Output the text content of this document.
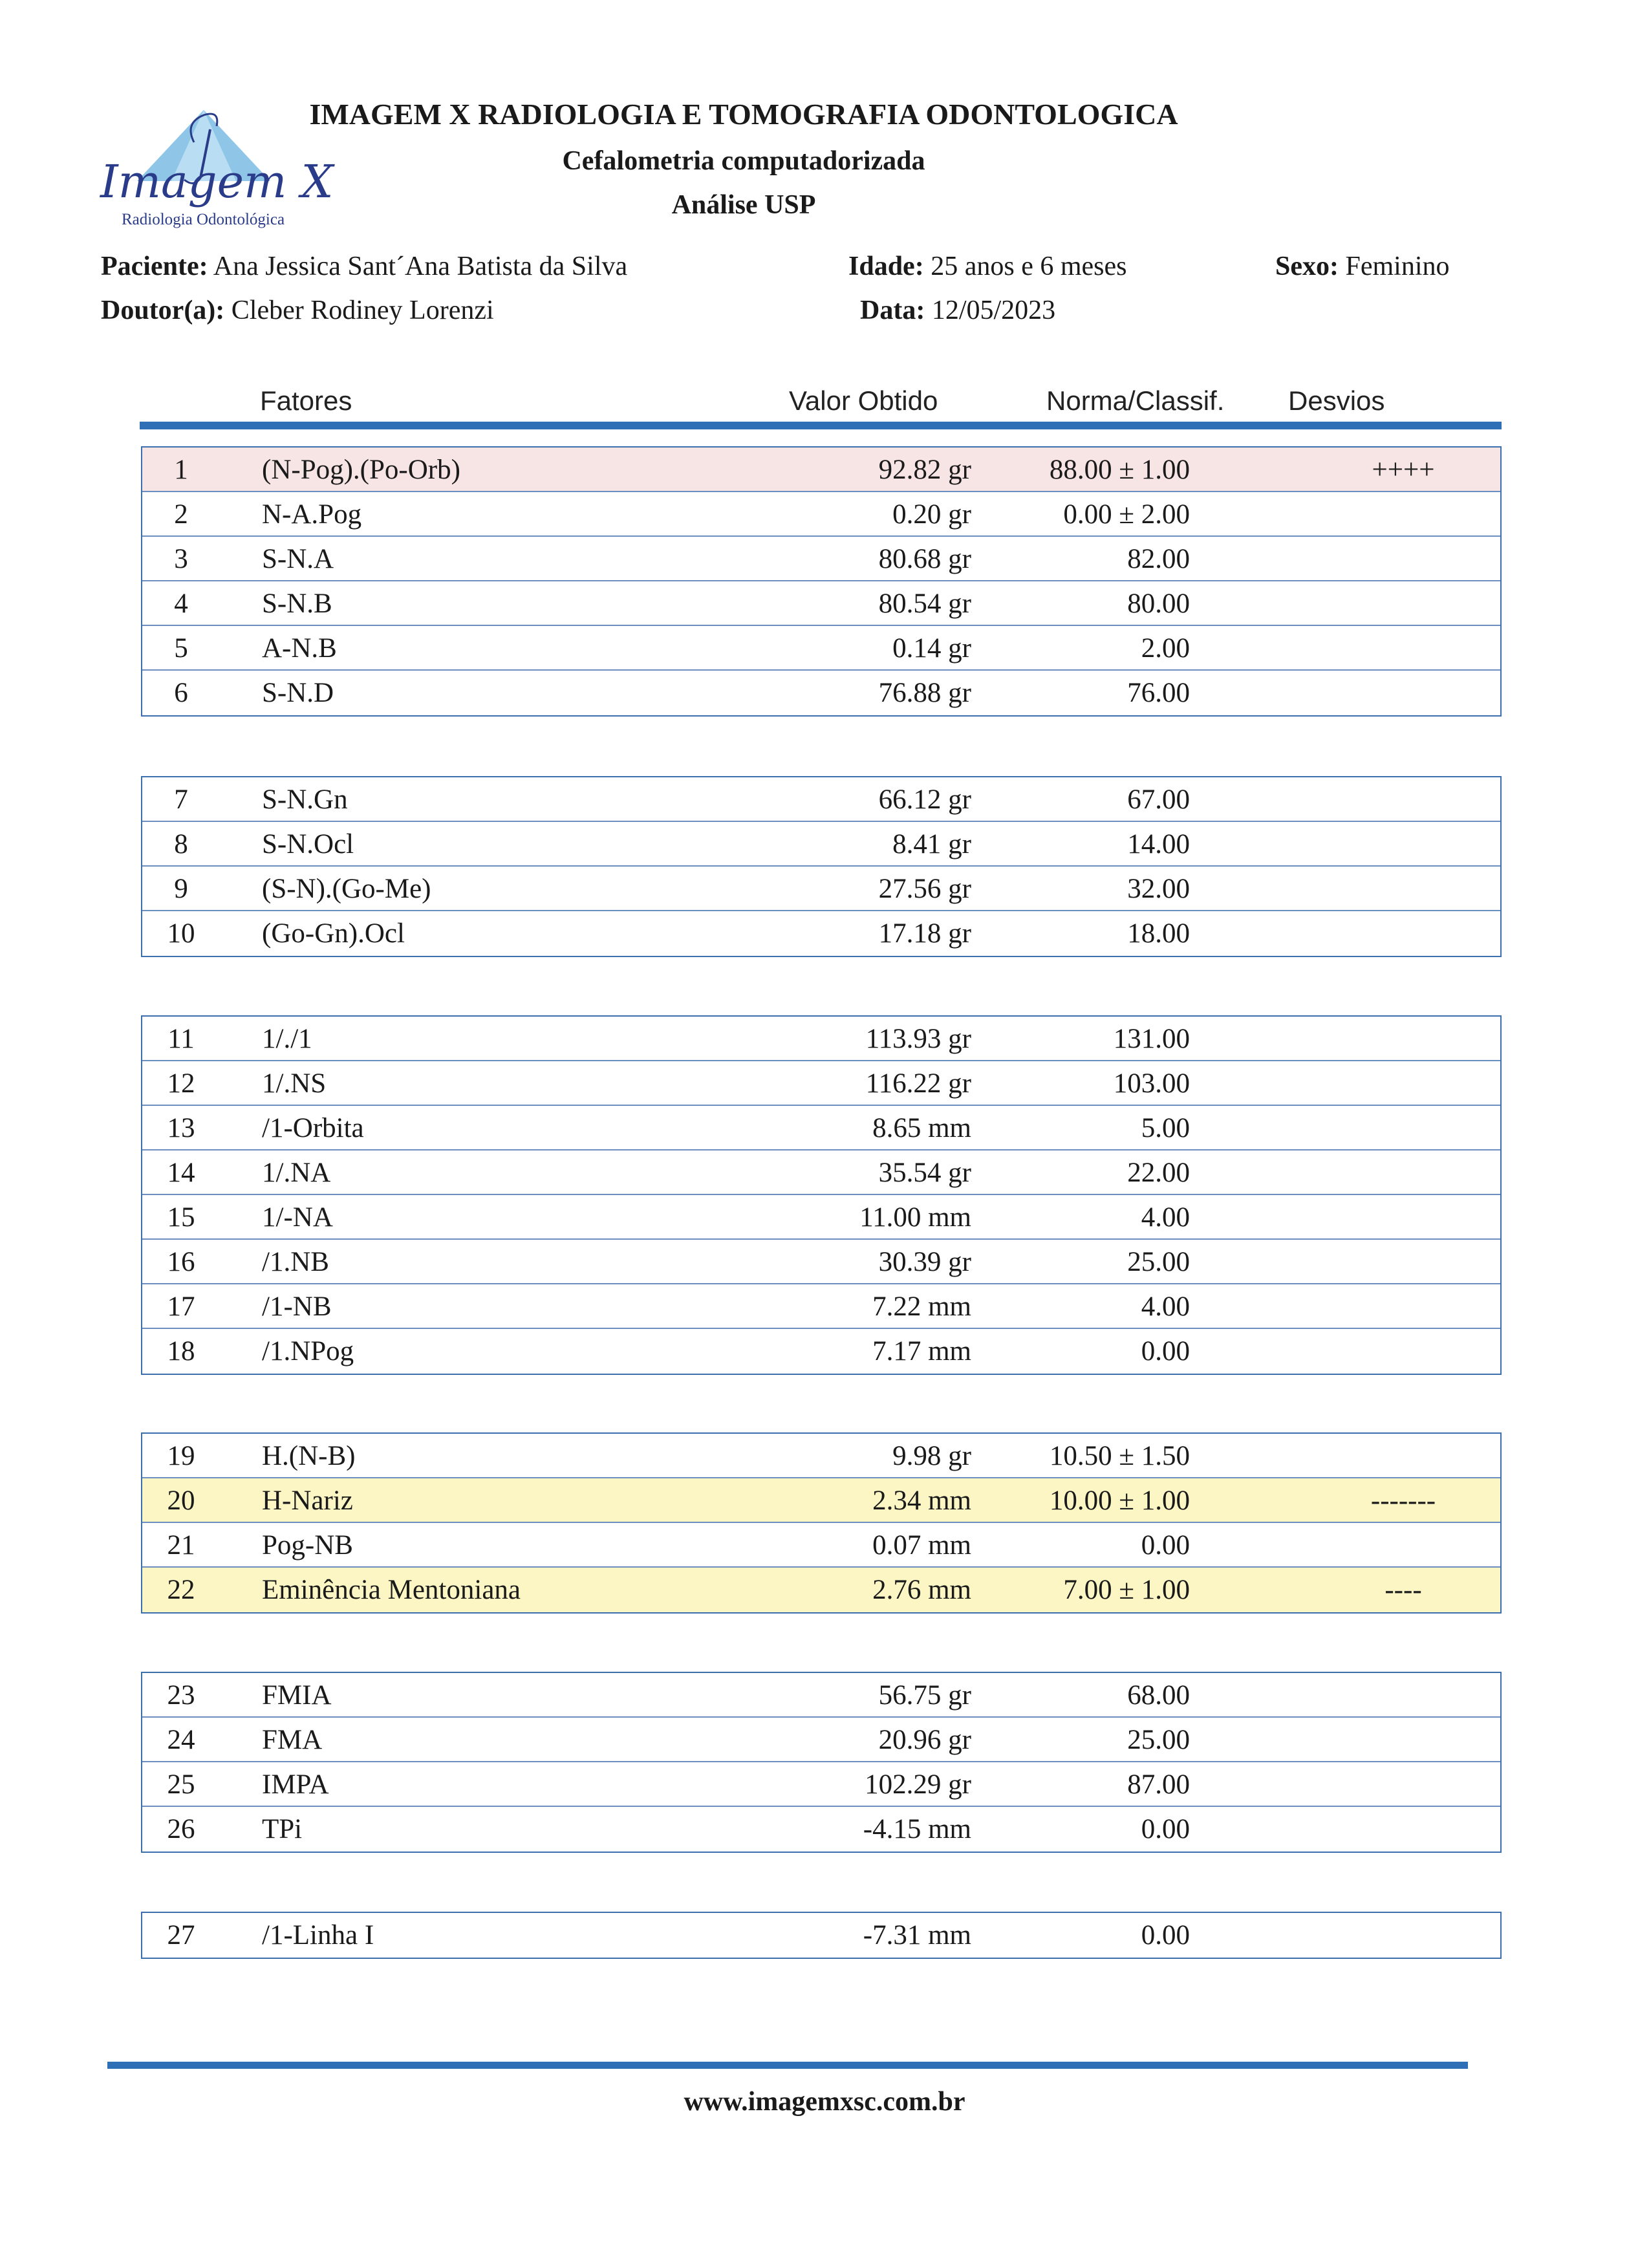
Imagem X
Radiologia Odontológica
IMAGEM X RADIOLOGIA E TOMOGRAFIA ODONTOLOGICA
Cefalometria computadorizada
Análise USP
Paciente: Ana Jessica Sant´Ana Batista da Silva	Idade: 25 anos e 6 meses	Sexo: Feminino
Doutor(a): Cleber Rodiney Lorenzi	Data: 12/05/2023
Fatores	Valor Obtido	Norma/Classif. Desvios
1	(N-Pog).(Po-Orb)	92.82 gr	88.00 ± 1.00	++++
2	N-A.Pog	0.20 gr	0.00 ± 2.00
3	S-N.A	80.68 gr	82.00
4	S-N.B	80.54 gr	80.00
5	A-N.B	0.14 gr	2.00
6	S-N.D	76.88 gr	76.00
7	S-N.Gn	66.12 gr	67.00
8	S-N.Ocl	8.41 gr	14.00
9	(S-N).(Go-Me)	27.56 gr	32.00
10	(Go-Gn).Ocl	17.18 gr	18.00
11	1/./1	113.93 gr	131.00
12	1/.NS	116.22 gr	103.00
13	/1-Orbita	8.65 mm	5.00
14	1/.NA	35.54 gr	22.00
15	1/-NA	11.00 mm	4.00
16	/1.NB	30.39 gr	25.00
17	/1-NB	7.22 mm	4.00
18	/1.NPog	7.17 mm	0.00
19	H.(N-B)	9.98 gr	10.50 ± 1.50
20	H-Nariz	2.34 mm	10.00 ± 1.00	-------
21	Pog-NB	0.07 mm	0.00
22	Eminência Mentoniana	2.76 mm	7.00 ± 1.00	----
23	FMIA	56.75 gr	68.00
24	FMA	20.96 gr	25.00
25	IMPA	102.29 gr	87.00
26	TPi	-4.15 mm	0.00
27	/1-Linha I	-7.31 mm	0.00
www.imagemxsc.com.br
